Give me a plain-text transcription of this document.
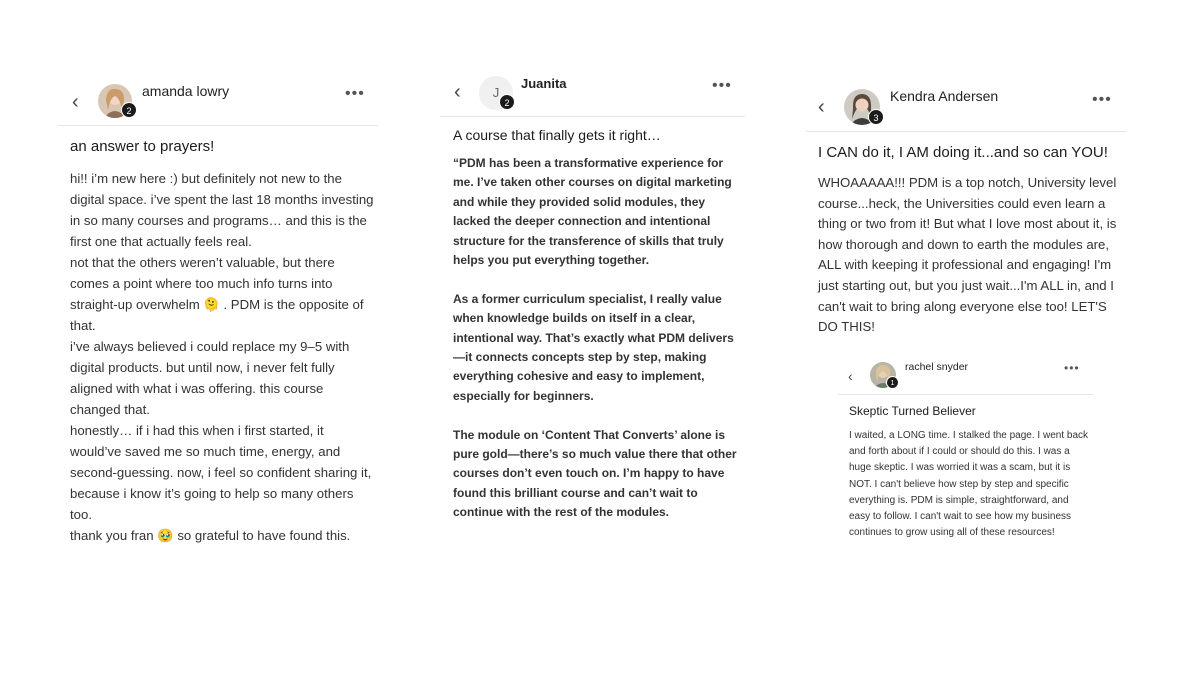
‹	2
amanda lowry	•••
an answer to prayers!

hi!! i’m new here :) but definitely not new to the digital space. i’ve spent the last 18 months investing in so many courses and programs… and this is the first one that actually feels real.

not that the others weren’t valuable, but there comes a point where too much info turns into straight-up overwhelm 🫠 . PDM is the opposite of that.

i’ve always believed i could replace my 9–5 with digital products. but until now, i never felt fully aligned with what i was offering. this course changed that.

honestly… if i had this when i first started, it would’ve saved me so much time, energy, and second-guessing. now, i feel so confident sharing it, because i know it’s going to help so many others too.

thank you fran 🥹 so grateful to have found this.

‹	J
2
Juanita	•••
A course that finally gets it right…

“PDM has been a transformative experience for me. I’ve taken other courses on digital marketing and while they provided solid modules, they lacked the deeper connection and intentional structure for the transference of skills that truly helps you put everything together.

As a former curriculum specialist, I really value when knowledge builds on itself in a clear, intentional way. That’s exactly what PDM delivers—it connects concepts step by step, making everything cohesive and easy to implement, especially for beginners.

The module on ‘Content That Converts’ alone is pure gold—there’s so much value there that other courses don’t even touch on. I’m happy to have found this brilliant course and can’t wait to continue with the rest of the modules.

‹	3
Kendra Andersen	•••
I CAN do it, I AM doing it...and so can YOU!

WHOAAAAA!!! PDM is a top notch, University level course...heck, the Universities could even learn a thing or two from it! But what I love most about it, is how thorough and down to earth the modules are, ALL with keeping it professional and engaging! I'm just starting out, but you just wait...I'm ALL in, and I can't wait to bring along everyone else too! LET'S DO THIS!

‹	1
rachel snyder	•••
Skeptic Turned Believer

I waited, a LONG time. I stalked the page. I went back and forth about if I could or should do this. I was a huge skeptic. I was worried it was a scam, but it is NOT. I can't believe how step by step and specific everything is. PDM is simple, straightforward, and easy to follow. I can't wait to see how my business continues to grow using all of these resources!
